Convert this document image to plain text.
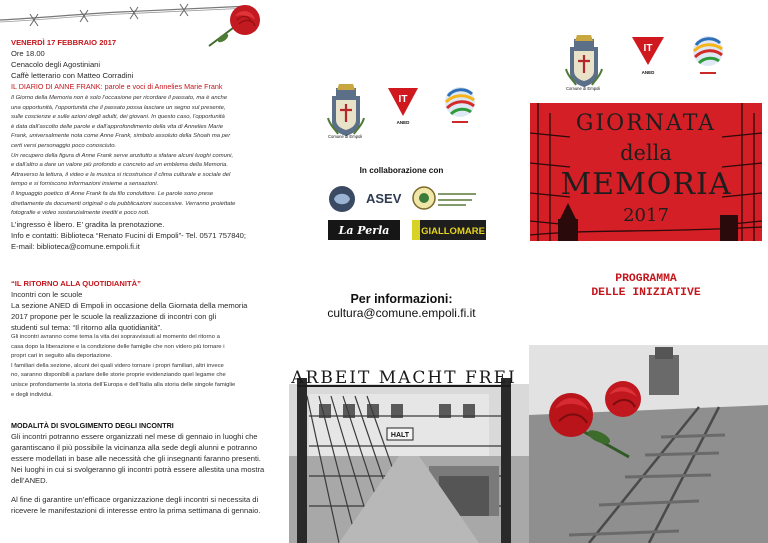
VENERDÌ 17 FEBBRAIO 2017
Ore 18.00
Cenacolo degli Agostiniani
Caffè letterario con Matteo Corradini
IL DIARIO DI ANNE FRANK: parole e voci di Annelies Marie Frank
Il Giorno della Memoria non è solo l’occasione per ricordare il passato, ma è anche
una opportunità, l’opportunità che il passato possa lasciare un segno sul presente,
sulle coscienze e sulle azioni degli adulti, dei giovani. In questo caso, l’opportunità
è data dall’ascolto delle parole e dall’approfondimento della vita di Annelies Marie
Frank, universalmente nota come Anne Frank, simbolo assoluto della Shoah ma per
certi versi personaggio poco conosciuto.
Un recupero della figura di Anne Frank serve anzitutto a sfatare alcuni luoghi comuni,
e dall’altro a dare un valore più profondo e concreto ad un emblema della Memoria.
Attraverso la lettura, il video e la musica si ricostruisce il clima culturale e sociale del
tempo e si forniscono informazioni insieme a sensazioni.
Il linguaggio poetico di Anne Frank fa da filo conduttore. Le parole sono prese
direttamente da documenti originali o da pubblicazioni successive. Verranno proiettate
fotografie e video sostanzialmente inediti e poco noti.
L’ingresso è libero. E’ gradita la prenotazione.
Info e contatti: Biblioteca “Renato Fucini di Empoli”- Tel. 0571 757840;
E-mail: biblioteca@comune.empoli.fi.it
“IL RITORNO ALLA QUOTIDIANITÀ”
Incontri con le scuole
La sezione ANED di Empoli in occasione della Giornata della memoria
2017 propone per le scuole la realizzazione di incontri con gli
studenti sul tema: “Il ritorno alla quotidianità”.
Gli incontri avranno come tema la vita dei sopravvissuti al momento del ritorno a
casa dopo la liberazione e la condizione delle famiglie che non videro più tornare i
propri cari in seguito alla deportazione.
I familiari della sezione, alcuni dei quali videro tornare i propri familiari, altri invece
no, saranno disponibili a parlare delle storie proprie evidenziando quel legame che
unisce profondamente la storia dell’Europa e dell’Italia alla storia delle singole famiglie
e degli individui.
MODALITÀ DI SVOLGIMENTO DEGLI INCONTRI
Gli incontri potranno essere organizzati nel mese di gennaio in luoghi che
garantiscano il più possibile la vicinanza alla sede degli alunni e potranno
essere modellati in base alle necessità che gli insegnanti faranno presenti.
Nei luoghi in cui si svolgeranno gli incontri potrà essere allestita una mostra
dell’ANED.
Al fine di garantire un’efficace organizzazione degli incontri si necessita di
ricevere le manifestazioni di interesse entro la prima settimana di gennaio.
Comune di Empoli
IT
ANED
In collaborazione con
ASEV
La Perla	GIALLOMARE
Per informazioni:
cultura@comune.empoli.fi.it
ARBEIT MACHT FREI
HALT
Comune di Empoli
IT
ANED
GIORNATA
della
MEMORIA
2017
PROGRAMMA
DELLE INIZIATIVE
